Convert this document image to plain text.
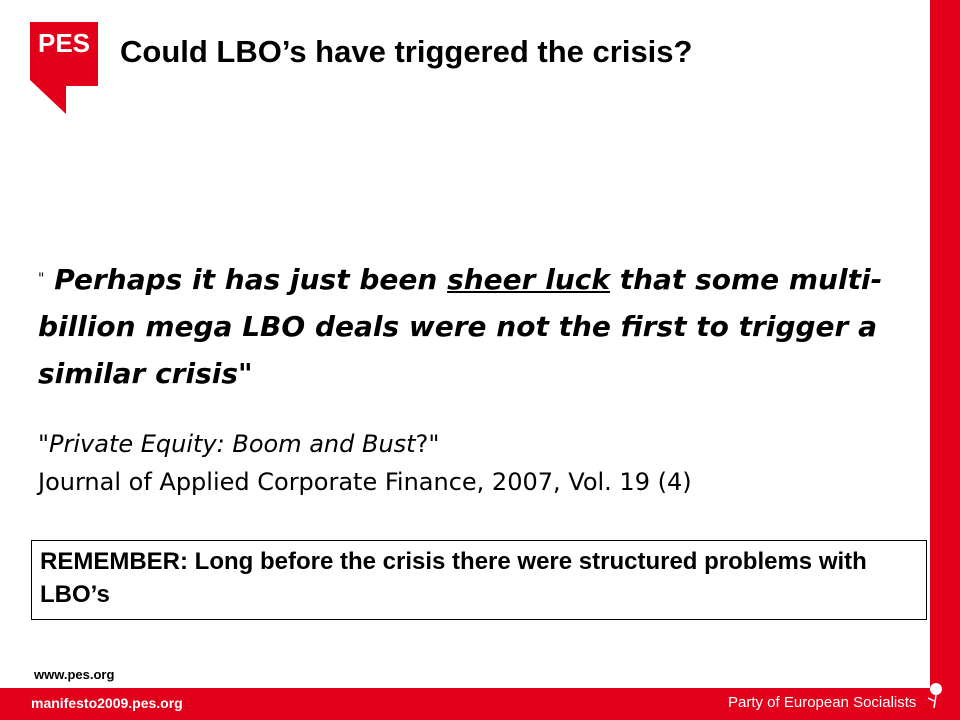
PES Could LBO’s have triggered the crisis?
" Perhaps it has just been sheer luck that some multi-billion mega LBO deals were not the first to trigger a similar crisis"
"Private Equity: Boom and Bust?"
Journal of Applied Corporate Finance, 2007, Vol. 19 (4)
REMEMBER: Long before the crisis there were structured problems with LBO’s
www.pes.org
manifesto2009.pes.org	Party of European Socialists
